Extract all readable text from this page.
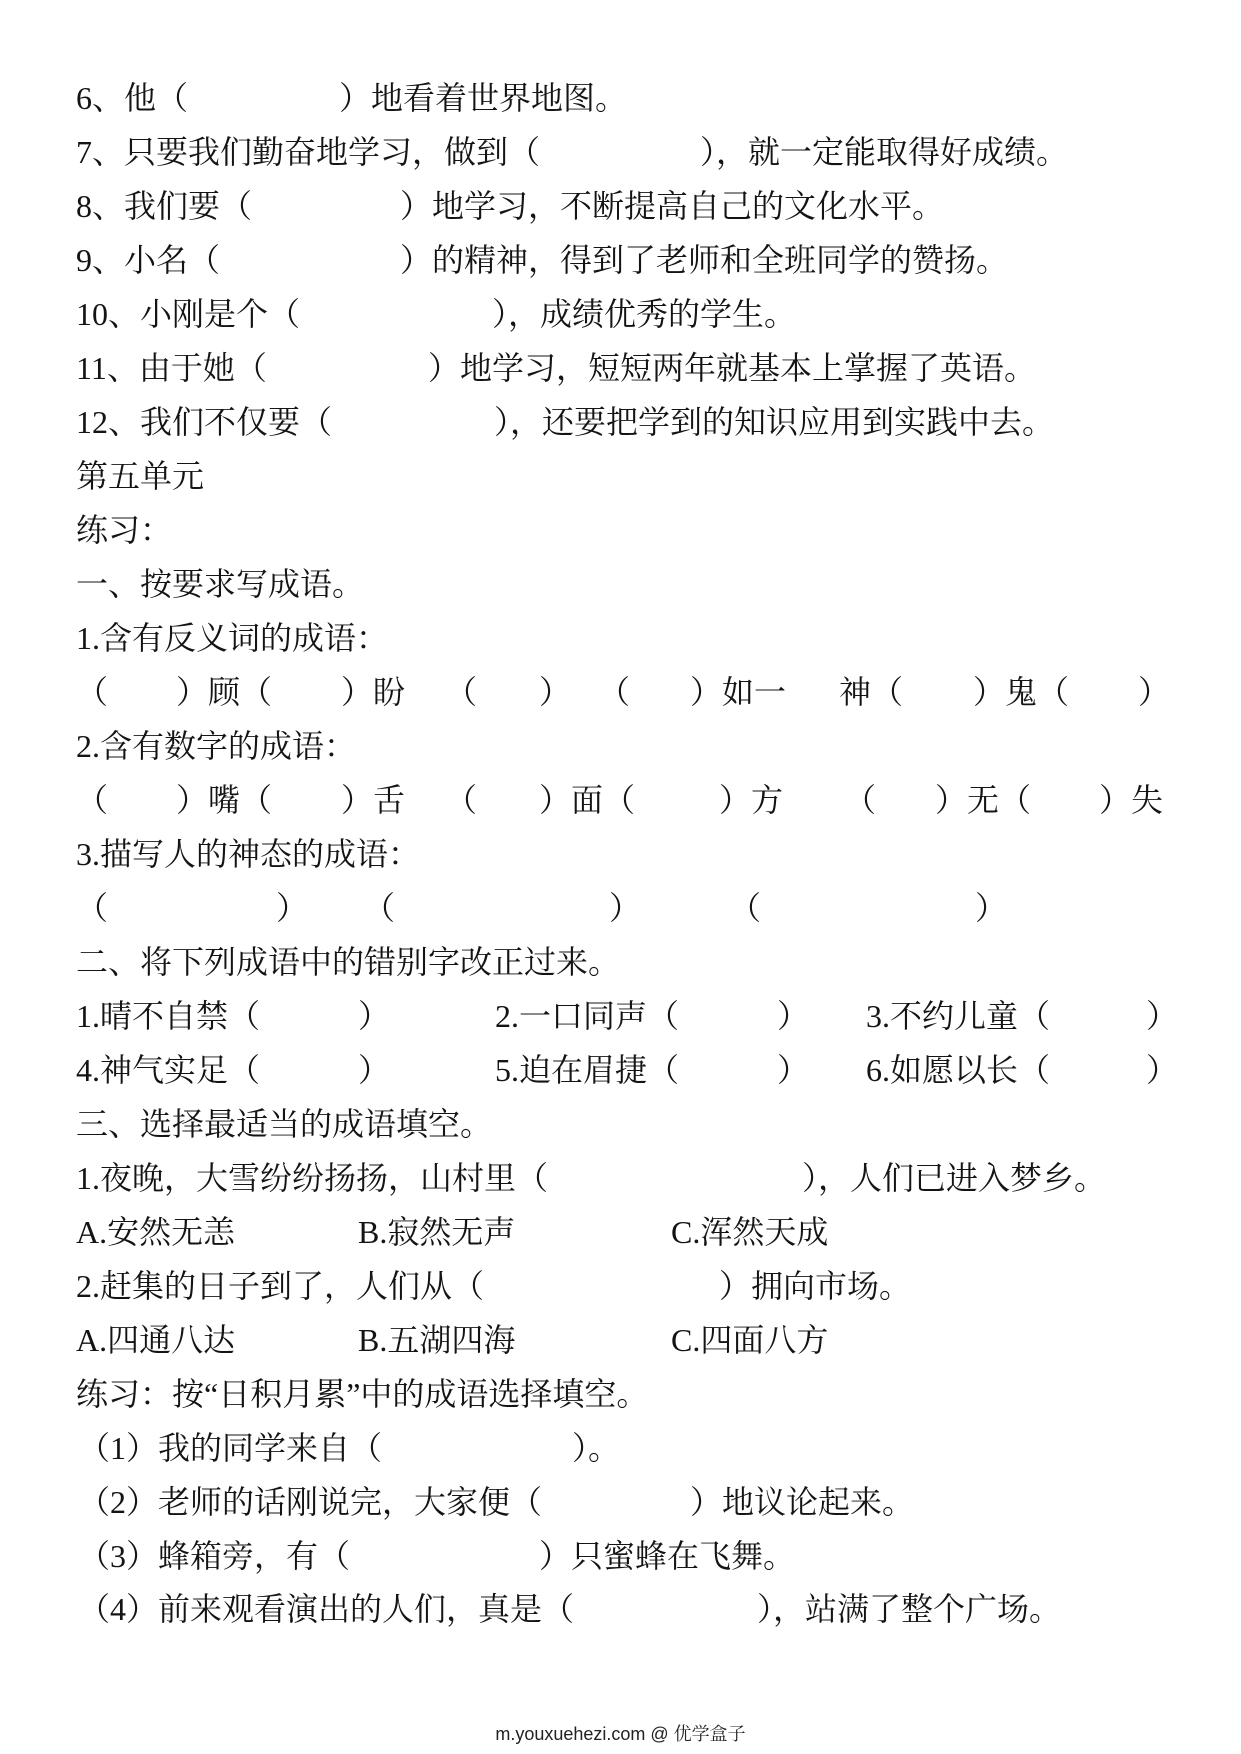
6、他（	）地看着世界地图。
7、只要我们勤奋地学习，做到（	），就一定能取得好成绩。
8、我们要（	）地学习，不断提高自己的文化水平。
9、小名（	）的精神，得到了老师和全班同学的赞扬。
10、小刚是个（	），成绩优秀的学生。
11、由于她（	）地学习，短短两年就基本上掌握了英语。
12、我们不仅要（	），还要把学到的知识应用到实践中去。
第五单元
练习：
一、按要求写成语。
1.含有反义词的成语：
（ ）顾（ ）盼 （ ） （ ）如一 神（ ）鬼（ ）
2.含有数字的成语：
（ ）嘴（ ）舌 （ ）面（	）方 （ ）无（ ）失
3.描写人的神态的成语：
（	） （	）	（	）
二、将下列成语中的错别字改正过来。
1.晴不自禁（	）	2.一口同声（	） 3.不约儿童（	）
4.神气实足（	）	5.迫在眉捷（	） 6.如愿以长（	）
三、选择最适当的成语填空。
1.夜晚，大雪纷纷扬扬，山村里（	），人们已进入梦乡。
A.安然无恙	B.寂然无声	C.浑然天成
2.赶集的日子到了，人们从（	）拥向市场。
A.四通八达	B.五湖四海	C.四面八方
练习：按“日积月累”中的成语选择填空。
（1）我的同学来自（	）。
（2）老师的话刚说完，大家便（	）地议论起来。
（3）蜂箱旁，有（	）只蜜蜂在飞舞。
（4）前来观看演出的人们，真是（	），站满了整个广场。
m.youxuehezi.com @ 优学盒子
